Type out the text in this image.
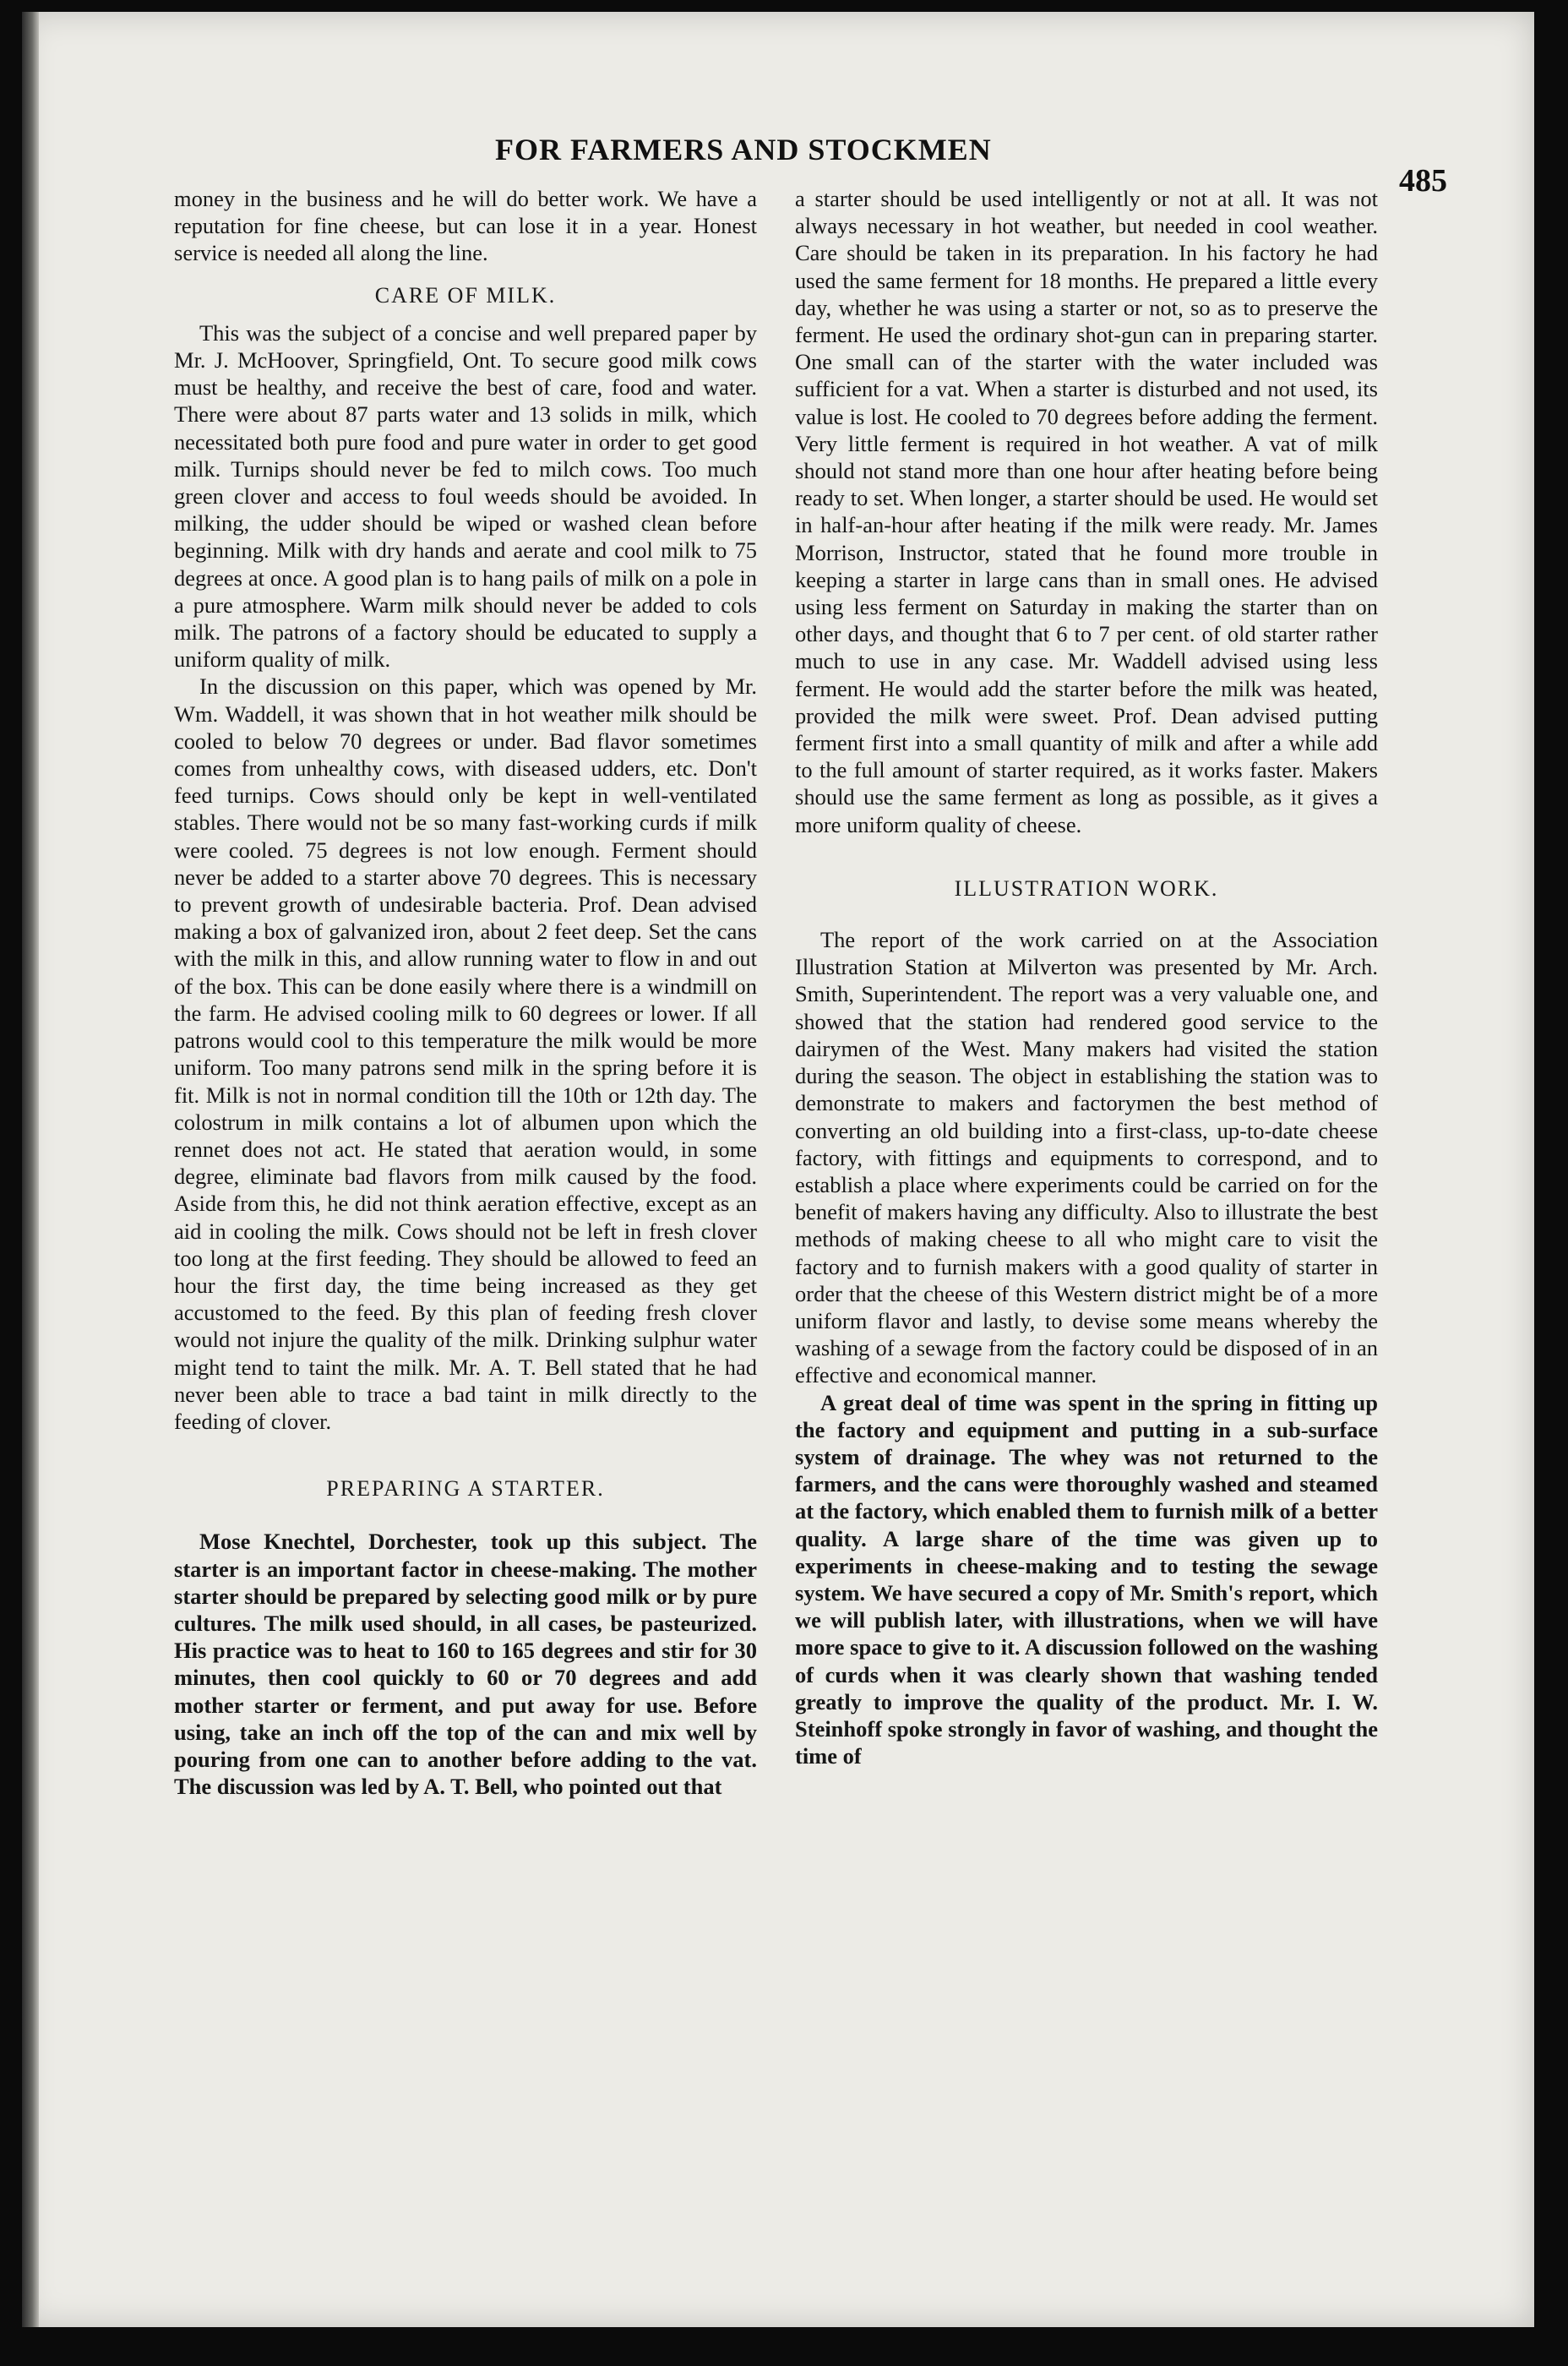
FOR FARMERS AND STOCKMEN
485

money in the business and he will do better work. We have a reputation for fine cheese, but can lose it in a year. Honest service is needed all along the line.

CARE OF MILK.

This was the subject of a concise and well prepared paper by Mr. J. McHoover, Springfield, Ont. To secure good milk cows must be healthy, and receive the best of care, food and water. There were about 87 parts water and 13 solids in milk, which necessitated both pure food and pure water in order to get good milk. Turnips should never be fed to milch cows. Too much green clover and access to foul weeds should be avoided. In milking, the udder should be wiped or washed clean before beginning. Milk with dry hands and aerate and cool milk to 75 degrees at once. A good plan is to hang pails of milk on a pole in a pure atmosphere. Warm milk should never be added to cols milk. The patrons of a factory should be educated to supply a uniform quality of milk.

In the discussion on this paper, which was opened by Mr. Wm. Waddell, it was shown that in hot weather milk should be cooled to below 70 degrees or under. Bad flavor sometimes comes from unhealthy cows, with diseased udders, etc. Don't feed turnips. Cows should only be kept in well-ventilated stables. There would not be so many fast-working curds if milk were cooled. 75 degrees is not low enough. Ferment should never be added to a starter above 70 degrees. This is necessary to prevent growth of undesirable bacteria. Prof. Dean advised making a box of galvanized iron, about 2 feet deep. Set the cans with the milk in this, and allow running water to flow in and out of the box. This can be done easily where there is a windmill on the farm. He advised cooling milk to 60 degrees or lower. If all patrons would cool to this temperature the milk would be more uniform. Too many patrons send milk in the spring before it is fit. Milk is not in normal condition till the 10th or 12th day. The colostrum in milk contains a lot of albumen upon which the rennet does not act. He stated that aeration would, in some degree, eliminate bad flavors from milk caused by the food. Aside from this, he did not think aeration effective, except as an aid in cooling the milk. Cows should not be left in fresh clover too long at the first feeding. They should be allowed to feed an hour the first day, the time being increased as they get accustomed to the feed. By this plan of feeding fresh clover would not injure the quality of the milk. Drinking sulphur water might tend to taint the milk. Mr. A. T. Bell stated that he had never been able to trace a bad taint in milk directly to the feeding of clover.

PREPARING A STARTER.

Mose Knechtel, Dorchester, took up this subject. The starter is an important factor in cheese-making. The mother starter should be prepared by selecting good milk or by pure cultures. The milk used should, in all cases, be pasteurized. His practice was to heat to 160 to 165 degrees and stir for 30 minutes, then cool quickly to 60 or 70 degrees and add mother starter or ferment, and put away for use. Before using, take an inch off the top of the can and mix well by pouring from one can to another before adding to the vat. The discussion was led by A. T. Bell, who pointed out that

a starter should be used intelligently or not at all. It was not always necessary in hot weather, but needed in cool weather. Care should be taken in its preparation. In his factory he had used the same ferment for 18 months. He prepared a little every day, whether he was using a starter or not, so as to preserve the ferment. He used the ordinary shot-gun can in preparing starter. One small can of the starter with the water included was sufficient for a vat. When a starter is disturbed and not used, its value is lost. He cooled to 70 degrees before adding the ferment. Very little ferment is required in hot weather. A vat of milk should not stand more than one hour after heating before being ready to set. When longer, a starter should be used. He would set in half-an-hour after heating if the milk were ready. Mr. James Morrison, Instructor, stated that he found more trouble in keeping a starter in large cans than in small ones. He advised using less ferment on Saturday in making the starter than on other days, and thought that 6 to 7 per cent. of old starter rather much to use in any case. Mr. Waddell advised using less ferment. He would add the starter before the milk was heated, provided the milk were sweet. Prof. Dean advised putting ferment first into a small quantity of milk and after a while add to the full amount of starter required, as it works faster. Makers should use the same ferment as long as possible, as it gives a more uniform quality of cheese.

ILLUSTRATION WORK.

The report of the work carried on at the Association Illustration Station at Milverton was presented by Mr. Arch. Smith, Superintendent. The report was a very valuable one, and showed that the station had rendered good service to the dairymen of the West. Many makers had visited the station during the season. The object in establishing the station was to demonstrate to makers and factorymen the best method of converting an old building into a first-class, up-to-date cheese factory, with fittings and equipments to correspond, and to establish a place where experiments could be carried on for the benefit of makers having any difficulty. Also to illustrate the best methods of making cheese to all who might care to visit the factory and to furnish makers with a good quality of starter in order that the cheese of this Western district might be of a more uniform flavor and lastly, to devise some means whereby the washing of a sewage from the factory could be disposed of in an effective and economical manner.

A great deal of time was spent in the spring in fitting up the factory and equipment and putting in a sub-surface system of drainage. The whey was not returned to the farmers, and the cans were thoroughly washed and steamed at the factory, which enabled them to furnish milk of a better quality. A large share of the time was given up to experiments in cheese-making and to testing the sewage system. We have secured a copy of Mr. Smith's report, which we will publish later, with illustrations, when we will have more space to give to it. A discussion followed on the washing of curds when it was clearly shown that washing tended greatly to improve the quality of the product. Mr. I. W. Steinhoff spoke strongly in favor of washing, and thought the time of
